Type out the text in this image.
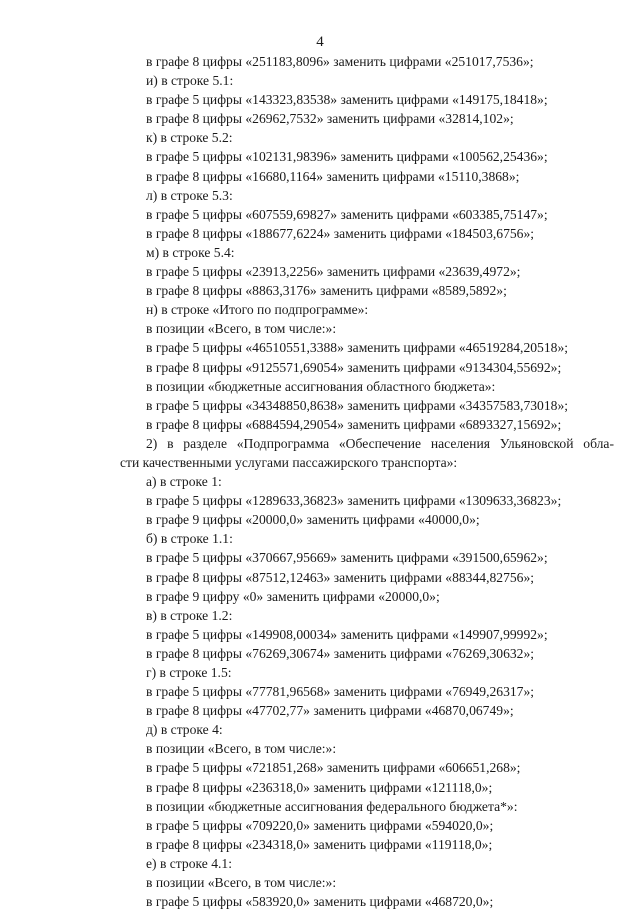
4
в графе 8 цифры «251183,8096» заменить цифрами «251017,7536»;
и) в строке 5.1:
в графе 5 цифры «143323,83538» заменить цифрами «149175,18418»;
в графе 8 цифры «26962,7532» заменить цифрами «32814,102»;
к) в строке 5.2:
в графе 5 цифры «102131,98396» заменить цифрами «100562,25436»;
в графе 8 цифры «16680,1164» заменить цифрами «15110,3868»;
л) в строке 5.3:
в графе 5 цифры «607559,69827» заменить цифрами «603385,75147»;
в графе 8 цифры «188677,6224» заменить цифрами «184503,6756»;
м) в строке 5.4:
в графе 5 цифры «23913,2256» заменить цифрами «23639,4972»;
в графе 8 цифры «8863,3176» заменить цифрами «8589,5892»;
н) в строке «Итого по подпрограмме»:
в позиции «Всего, в том числе:»:
в графе 5 цифры «46510551,3388» заменить цифрами «46519284,20518»;
в графе 8 цифры «9125571,69054» заменить цифрами «9134304,55692»;
в позиции «бюджетные ассигнования областного бюджета»:
в графе 5 цифры «34348850,8638» заменить цифрами «34357583,73018»;
в графе 8 цифры «6884594,29054» заменить цифрами «6893327,15692»;
2) в разделе «Подпрограмма «Обеспечение населения Ульяновской обла-
сти качественными услугами пассажирского транспорта»:
а) в строке 1:
в графе 5 цифры «1289633,36823» заменить цифрами «1309633,36823»;
в графе 9 цифры «20000,0» заменить цифрами «40000,0»;
б) в строке 1.1:
в графе 5 цифры «370667,95669» заменить цифрами «391500,65962»;
в графе 8 цифры «87512,12463» заменить цифрами «88344,82756»;
в графе 9 цифру «0» заменить цифрами «20000,0»;
в) в строке 1.2:
в графе 5 цифры «149908,00034» заменить цифрами «149907,99992»;
в графе 8 цифры «76269,30674» заменить цифрами «76269,30632»;
г) в строке 1.5:
в графе 5 цифры «77781,96568» заменить цифрами «76949,26317»;
в графе 8 цифры «47702,77» заменить цифрами «46870,06749»;
д) в строке 4:
в позиции «Всего, в том числе:»:
в графе 5 цифры «721851,268» заменить цифрами «606651,268»;
в графе 8 цифры «236318,0» заменить цифрами «121118,0»;
в позиции «бюджетные ассигнования федерального бюджета*»:
в графе 5 цифры «709220,0» заменить цифрами «594020,0»;
в графе 8 цифры «234318,0» заменить цифрами «119118,0»;
е) в строке 4.1:
в позиции «Всего, в том числе:»:
в графе 5 цифры «583920,0» заменить цифрами «468720,0»;
